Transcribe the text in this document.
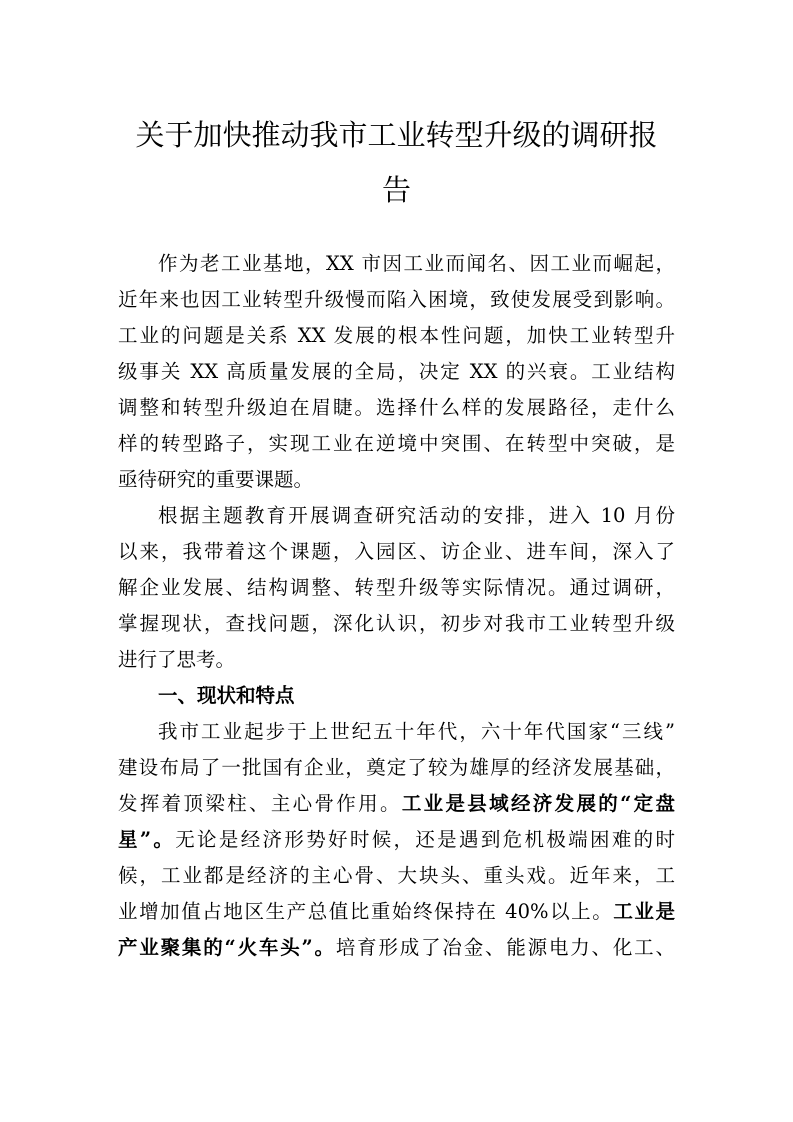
关于加快推动我市工业转型升级的调研报
告
作为老工业基地，XX 市因工业而闻名、因工业而崛起，
近年来也因工业转型升级慢而陷入困境，致使发展受到影响。
工业的问题是关系 XX 发展的根本性问题，加快工业转型升
级事关 XX 高质量发展的全局，决定 XX 的兴衰。工业结构
调整和转型升级迫在眉睫。选择什么样的发展路径，走什么
样的转型路子，实现工业在逆境中突围、在转型中突破，是
亟待研究的重要课题。
根据主题教育开展调查研究活动的安排，进入 10 月份
以来，我带着这个课题，入园区、访企业、进车间，深入了
解企业发展、结构调整、转型升级等实际情况。通过调研，
掌握现状，查找问题，深化认识，初步对我市工业转型升级
进行了思考。
一、现状和特点
我市工业起步于上世纪五十年代，六十年代国家“三线”
建设布局了一批国有企业，奠定了较为雄厚的经济发展基础，
发挥着顶梁柱、主心骨作用。工业是县域经济发展的“定盘
星”。无论是经济形势好时候，还是遇到危机极端困难的时
候，工业都是经济的主心骨、大块头、重头戏。近年来，工
业增加值占地区生产总值比重始终保持在 40%以上。工业是
产业聚集的“火车头”。培育形成了冶金、能源电力、化工、
